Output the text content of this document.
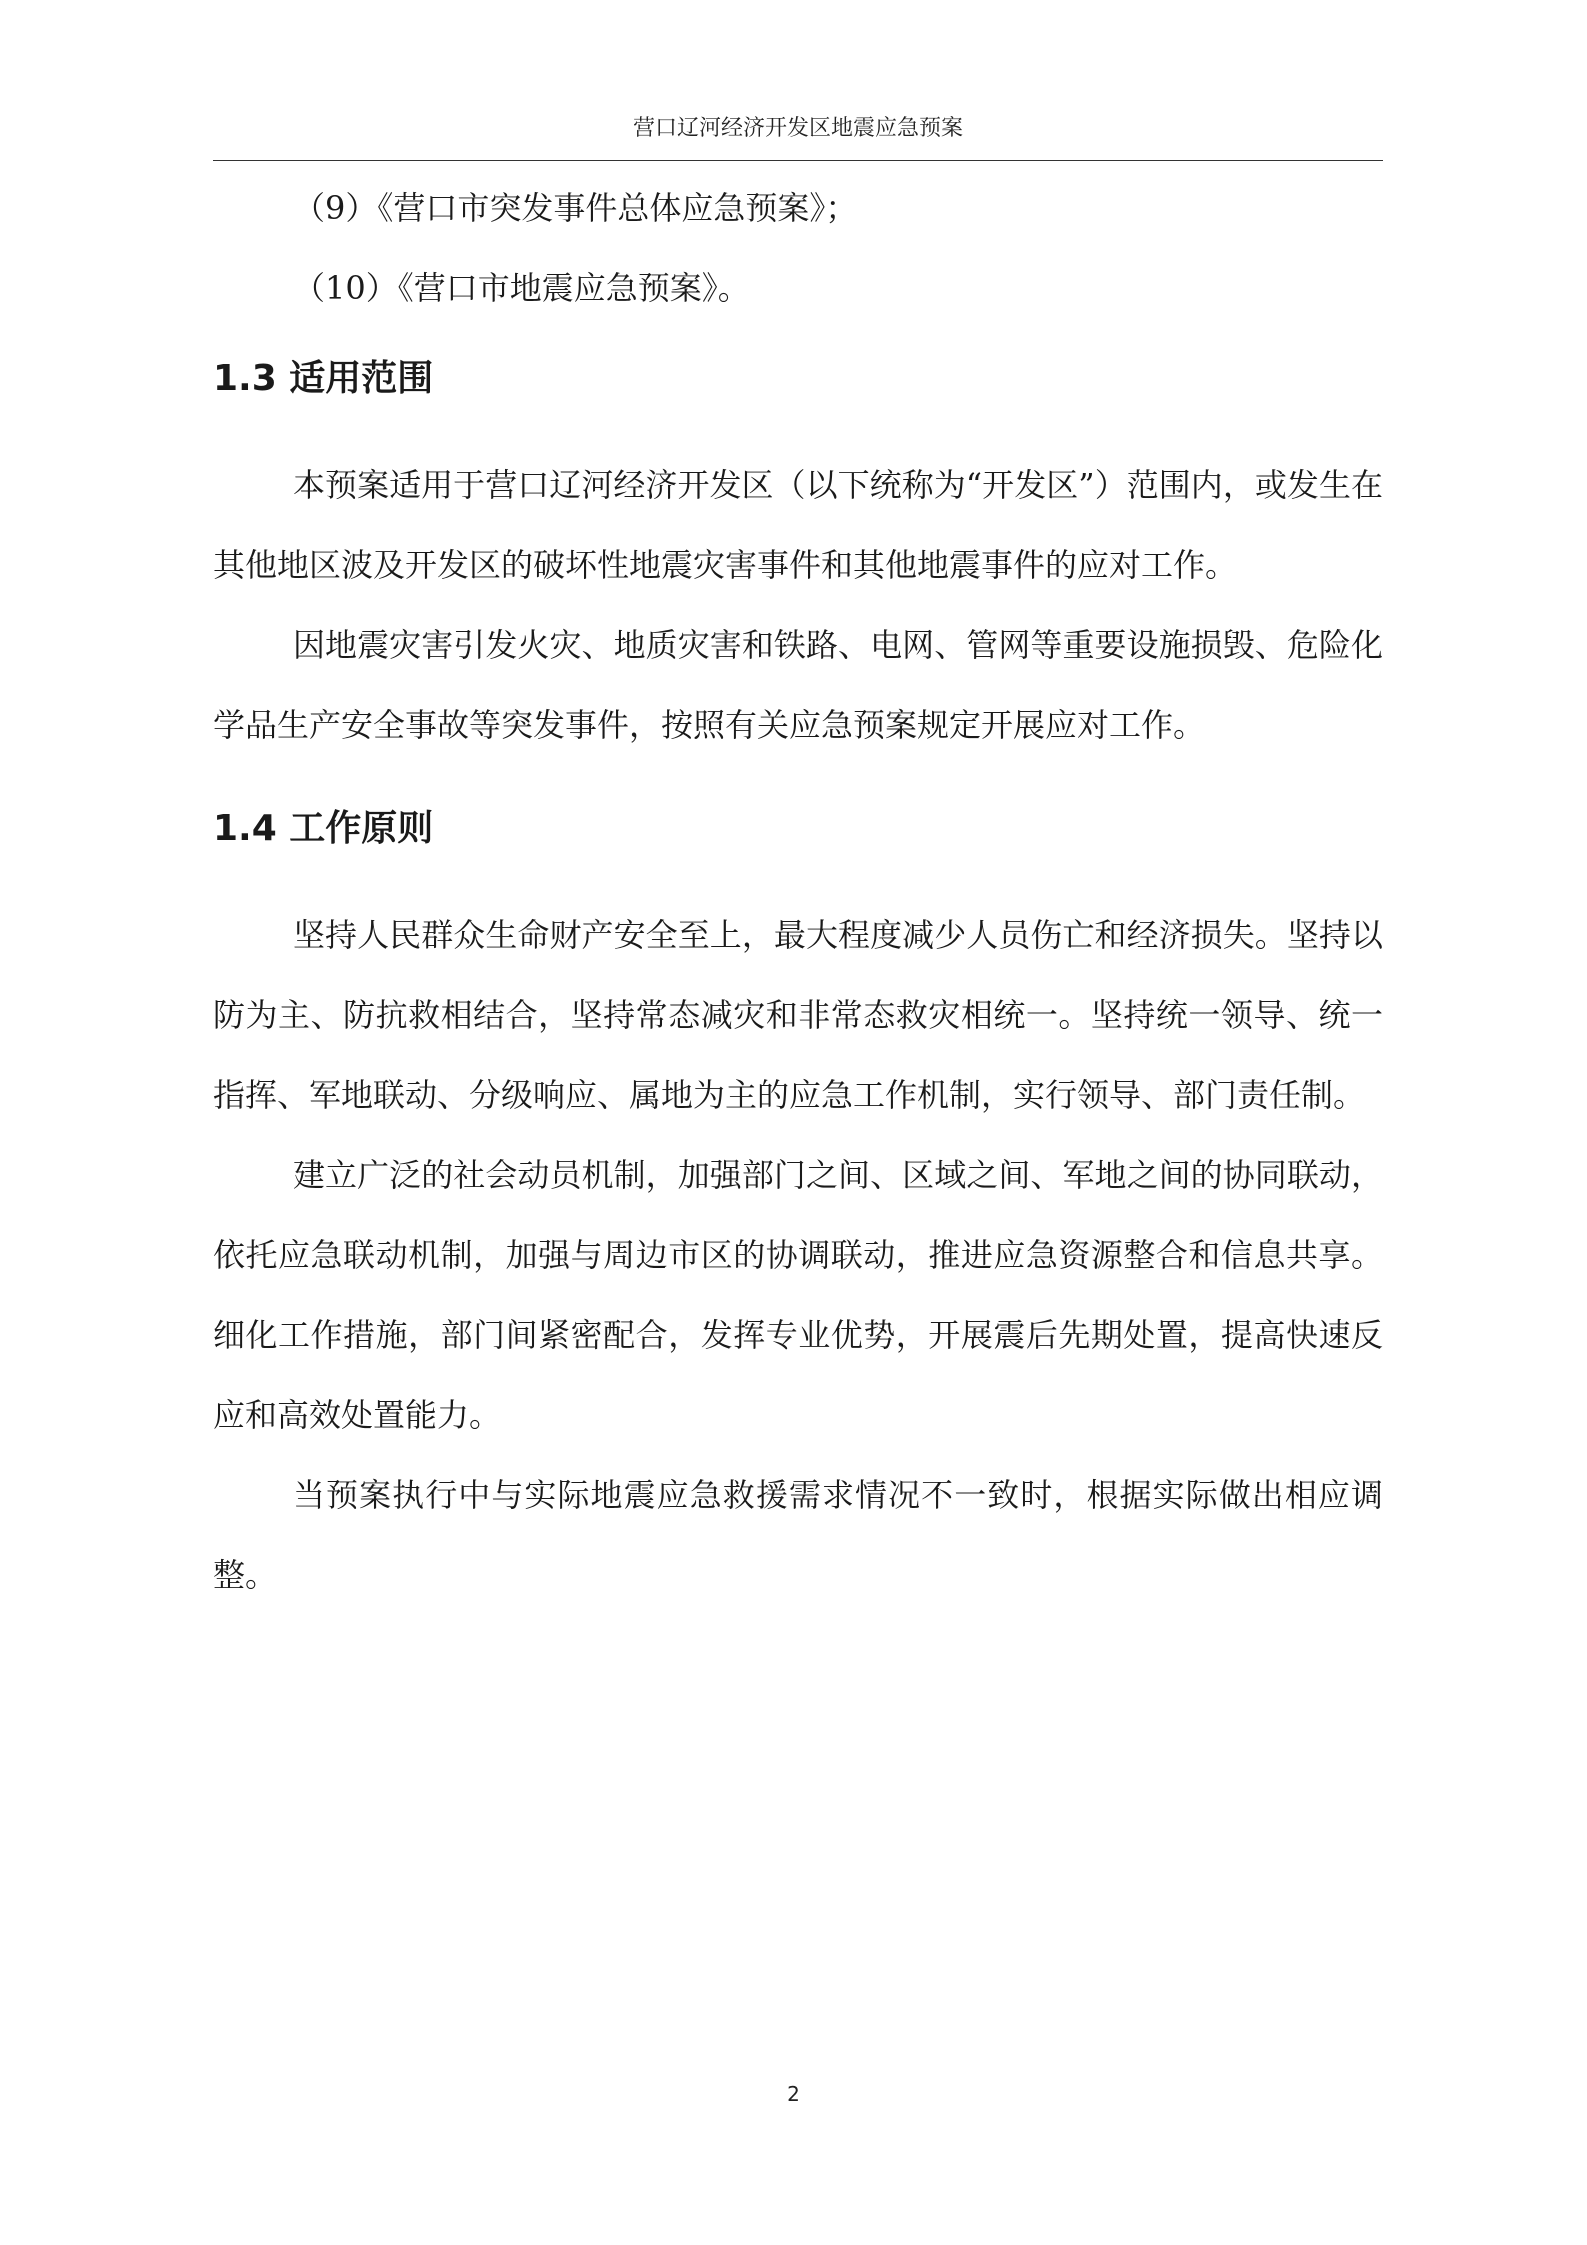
营口辽河经济开发区地震应急预案

（9）《营口市突发事件总体应急预案》；

（10）《营口市地震应急预案》。

1.3 适用范围

本预案适用于营口辽河经济开发区（以下统称为“开发区”）范围内，或发生在其他地区波及开发区的破坏性地震灾害事件和其他地震事件的应对工作。

因地震灾害引发火灾、地质灾害和铁路、电网、管网等重要设施损毁、危险化学品生产安全事故等突发事件，按照有关应急预案规定开展应对工作。

1.4 工作原则

坚持人民群众生命财产安全至上，最大程度减少人员伤亡和经济损失。坚持以防为主、防抗救相结合，坚持常态减灾和非常态救灾相统一。坚持统一领导、统一指挥、军地联动、分级响应、属地为主的应急工作机制，实行领导、部门责任制。

建立广泛的社会动员机制，加强部门之间、区域之间、军地之间的协同联动，依托应急联动机制，加强与周边市区的协调联动，推进应急资源整合和信息共享。细化工作措施，部门间紧密配合，发挥专业优势，开展震后先期处置，提高快速反应和高效处置能力。

当预案执行中与实际地震应急救援需求情况不一致时，根据实际做出相应调整。

2
